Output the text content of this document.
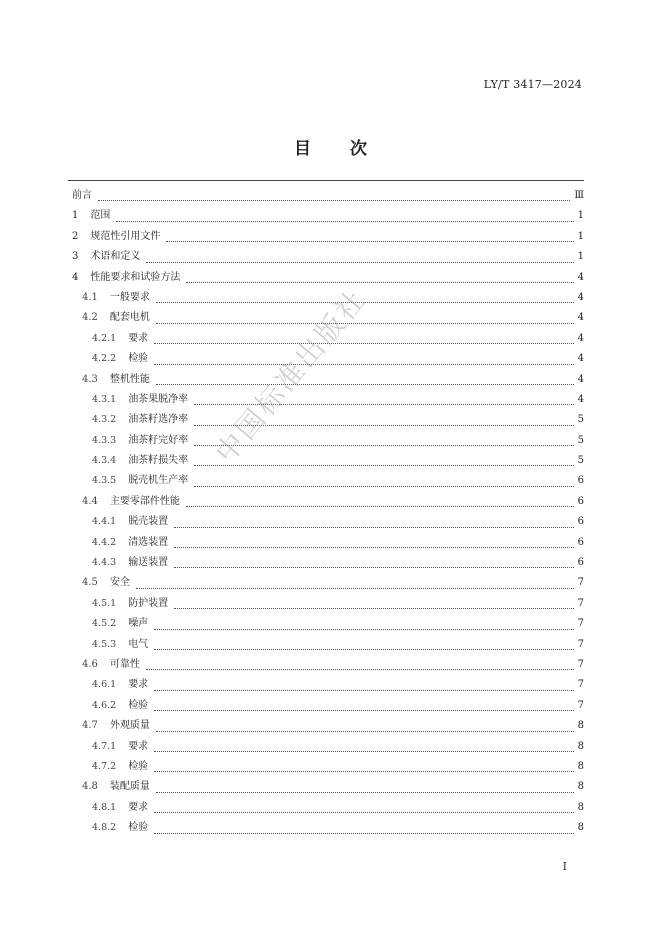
LY/T 3417—2024
目 次
前言	Ⅲ
1 范围	1
2 规范性引用文件	1
3 术语和定义	1
4 性能要求和试验方法	4
4.1 一般要求	4
4.2 配套电机	4
4.2.1 要求	4
4.2.2 检验	4
4.3 整机性能	4
4.3.1 油茶果脱净率	4
4.3.2 油茶籽选净率	5
4.3.3 油茶籽完好率	5
4.3.4 油茶籽损失率	5
4.3.5 脱壳机生产率	6
4.4 主要零部件性能	6
4.4.1 脱壳装置	6
4.4.2 清选装置	6
4.4.3 输送装置	6
4.5 安全	7
4.5.1 防护装置	7
4.5.2 噪声	7
4.5.3 电气	7
4.6 可靠性	7
4.6.1 要求	7
4.6.2 检验	7
4.7 外观质量	8
4.7.1 要求	8
4.7.2 检验	8
4.8 装配质量	8
4.8.1 要求	8
4.8.2 检验	8
中国标准出版社
I
